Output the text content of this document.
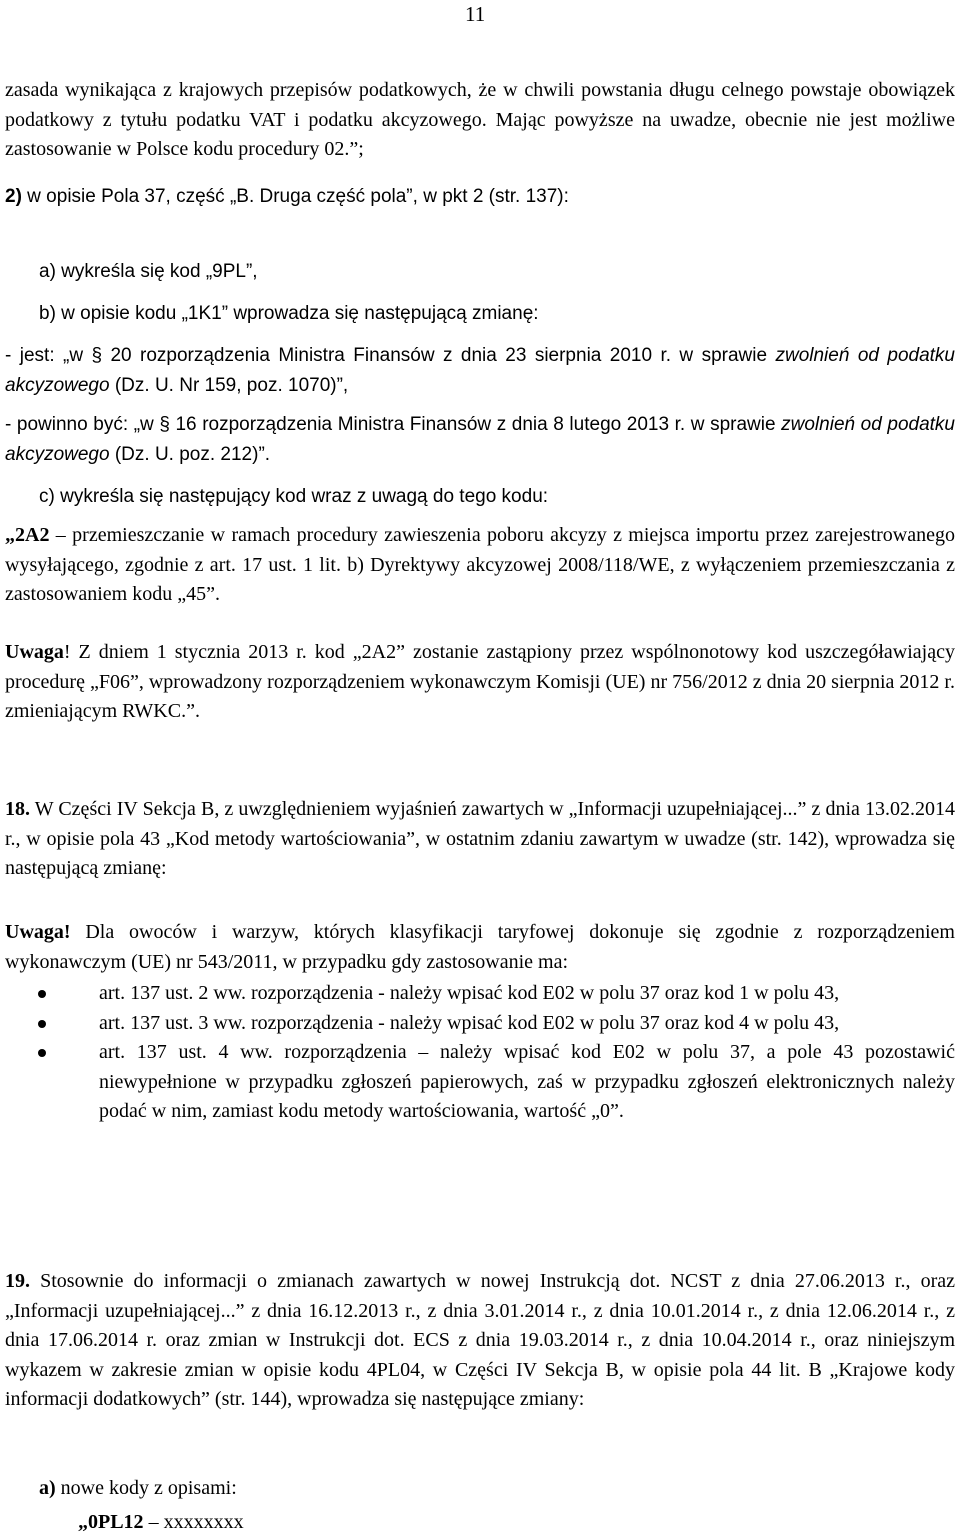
11

zasada wynikająca z krajowych przepisów podatkowych, że w chwili powstania długu celnego powstaje obowiązek podatkowy z tytułu podatku VAT i podatku akcyzowego. Mając powyższe na uwadze, obecnie nie jest możliwe zastosowanie w Polsce kodu procedury 02.”;

2) w opisie Pola 37, część „B. Druga część pola”, w pkt 2 (str. 137):

a) wykreśla się kod „9PL”,

b) w opisie kodu „1K1” wprowadza się następującą zmianę:

- jest: „w § 20 rozporządzenia Ministra Finansów z dnia 23 sierpnia 2010 r. w sprawie zwolnień od podatku akcyzowego (Dz. U. Nr 159, poz. 1070)”,

- powinno być: „w § 16 rozporządzenia Ministra Finansów z dnia 8 lutego 2013 r. w sprawie zwolnień od podatku akcyzowego (Dz. U. poz. 212)”.

c) wykreśla się następujący kod wraz z uwagą do tego kodu:

„2A2 – przemieszczanie w ramach procedury zawieszenia poboru akcyzy z miejsca importu przez zarejestrowanego wysyłającego, zgodnie z art. 17 ust. 1 lit. b) Dyrektywy akcyzowej 2008/118/WE, z wyłączeniem przemieszczania z zastosowaniem kodu „45”.

Uwaga! Z dniem 1 stycznia 2013 r. kod „2A2” zostanie zastąpiony przez wspólnonotowy kod uszczegóławiający procedurę „F06”, wprowadzony rozporządzeniem wykonawczym Komisji (UE) nr 756/2012 z dnia 20 sierpnia 2012 r. zmieniającym RWKC.”.

18. W Części IV Sekcja B, z uwzględnieniem wyjaśnień zawartych w „Informacji uzupełniającej...” z dnia 13.02.2014 r., w opisie pola 43 „Kod metody wartościowania”, w ostatnim zdaniu zawartym w uwadze (str. 142), wprowadza się następującą zmianę:

Uwaga! Dla owoców i warzyw, których klasyfikacji taryfowej dokonuje się zgodnie z rozporządzeniem wykonawczym (UE) nr 543/2011, w przypadku gdy zastosowanie ma:

art. 137 ust. 2 ww. rozporządzenia - należy wpisać kod E02 w polu 37 oraz kod 1 w polu 43,
art. 137 ust. 3 ww. rozporządzenia - należy wpisać kod E02 w polu 37 oraz kod 4 w polu 43,
art. 137 ust. 4 ww. rozporządzenia – należy wpisać kod E02 w polu 37, a pole 43 pozostawić niewypełnione w przypadku zgłoszeń papierowych, zaś w przypadku zgłoszeń elektronicznych należy podać w nim, zamiast kodu metody wartościowania, wartość „0”.

19. Stosownie do informacji o zmianach zawartych w nowej Instrukcją dot. NCST z dnia 27.06.2013 r., oraz „Informacji uzupełniającej...” z dnia 16.12.2013 r., z dnia 3.01.2014 r., z dnia 10.01.2014 r., z dnia 12.06.2014 r., z dnia 17.06.2014 r. oraz zmian w Instrukcji dot. ECS z dnia 19.03.2014 r., z dnia 10.04.2014 r., oraz niniejszym wykazem w zakresie zmian w opisie kodu 4PL04, w Części IV Sekcja B, w opisie pola 44 lit. B „Krajowe kody informacji dodatkowych” (str. 144), wprowadza się następujące zmiany:

a) nowe kody z opisami:

„0PL12 – xxxxxxxx
